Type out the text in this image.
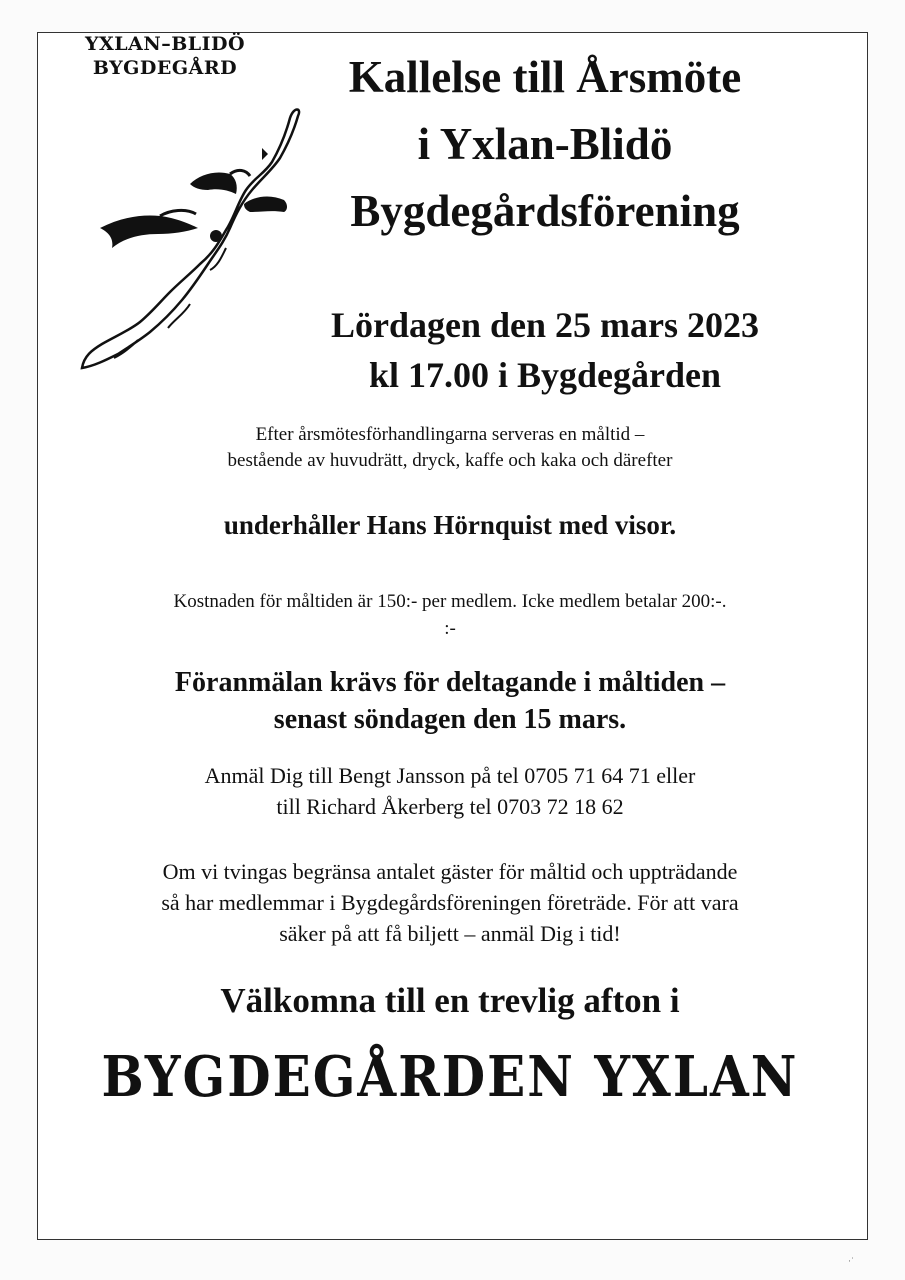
YXLAN–BLIDÖ
BYGDEGÅRD	Kallelse till Årsmöte
i Yxlan-Blidö
Bygdegårdsförening
Lördagen den 25 mars 2023
kl 17.00 i Bygdegården
Efter årsmötesförhandlingarna serveras en måltid –
bestående av huvudrätt, dryck, kaffe och kaka och därefter
underhåller Hans Hörnquist med visor.
Kostnaden för måltiden är 150:- per medlem. Icke medlem betalar 200:-.
:-
Föranmälan krävs för deltagande i måltiden –
senast söndagen den 15 mars.
Anmäl Dig till Bengt Jansson på tel 0705 71 64 71 eller
till Richard Åkerberg tel 0703 72 18 62
Om vi tvingas begränsa antalet gäster för måltid och uppträdande
så har medlemmar i Bygdegårdsföreningen företräde. För att vara
säker på att få biljett – anmäl Dig i tid!
Välkomna till en trevlig afton i
BYGDEGÅRDEN YXLAN
·˙
